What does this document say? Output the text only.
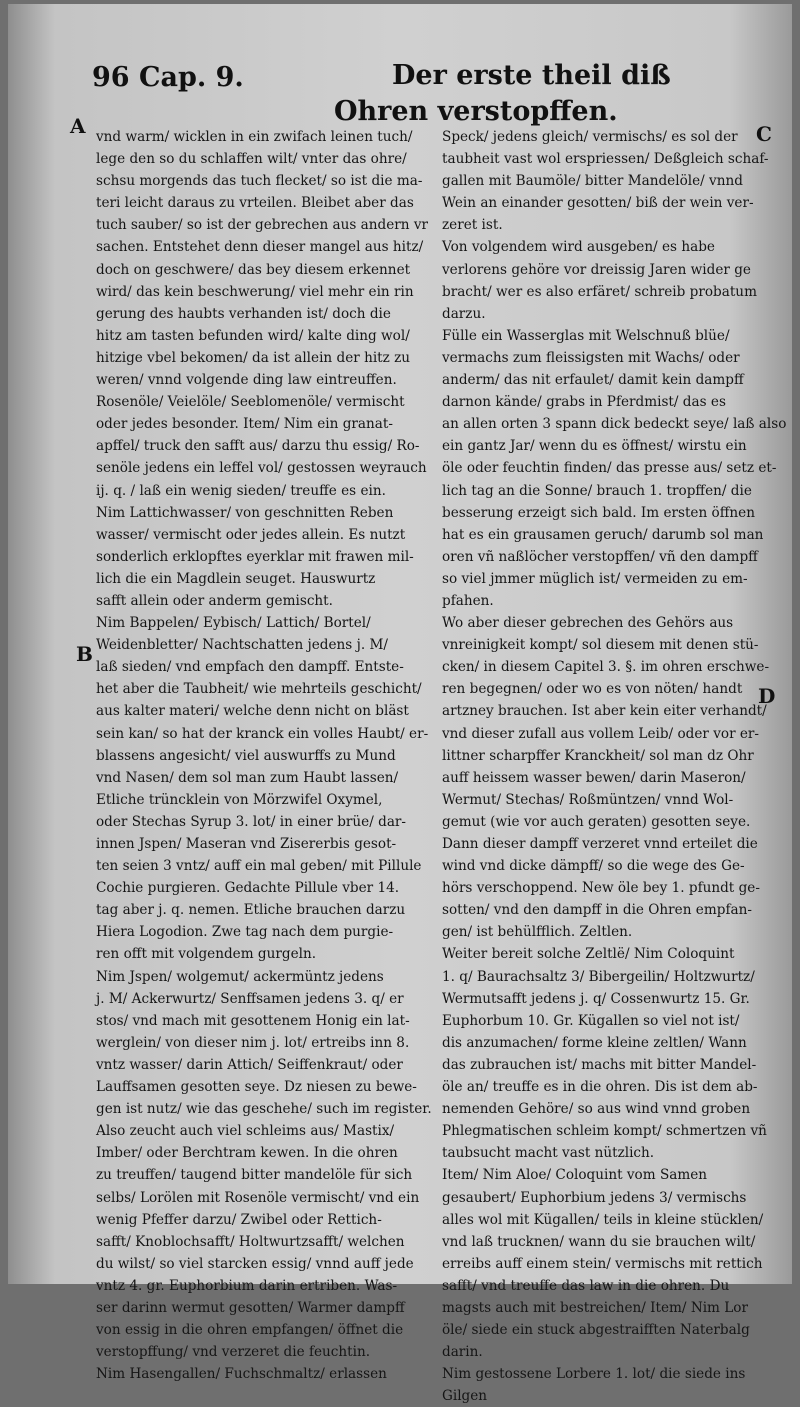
96 Cap. 9.	Der erste theil diß
Ohren verstopffen.
A
B
C
D
vnd warm/ wicklen in ein zwifach leinen tuch/
lege den so du schlaffen wilt/ vnter das ohre/
schsu morgends das tuch flecket/ so ist die ma-
teri leicht daraus zu vrteilen. Bleibet aber das
tuch sauber/ so ist der gebrechen aus andern vr
sachen. Entstehet denn dieser mangel aus hitz/
doch on geschwere/ das bey diesem erkennet
wird/ das kein beschwerung/ viel mehr ein rin
gerung des haubts verhanden ist/ doch die
hitz am tasten befunden wird/ kalte ding wol/
hitzige vbel bekomen/ da ist allein der hitz zu
weren/ vnnd volgende ding law eintreuffen.
Rosenöle/ Veielöle/ Seeblomenöle/ vermischt
oder jedes besonder. Item/ Nim ein granat-
apffel/ truck den safft aus/ darzu thu essig/ Ro-
senöle jedens ein leffel vol/ gestossen weyrauch
ij. q. / laß ein wenig sieden/ treuffe es ein.
Nim Lattichwasser/ von geschnitten Reben
wasser/ vermischt oder jedes allein. Es nutzt
sonderlich erklopftes eyerklar mit frawen mil-
lich die ein Magdlein seuget. Hauswurtz
safft allein oder anderm gemischt.
Nim Bappelen/ Eybisch/ Lattich/ Bortel/
Weidenbletter/ Nachtschatten jedens j. M/
laß sieden/ vnd empfach den dampff. Entste-
het aber die Taubheit/ wie mehrteils geschicht/
aus kalter materi/ welche denn nicht on bläst
sein kan/ so hat der kranck ein volles Haubt/ er-
blassens angesicht/ viel auswurffs zu Mund
vnd Nasen/ dem sol man zum Haubt lassen/
Etliche trüncklein von Mörzwifel Oxymel,
oder Stechas Syrup 3. lot/ in einer brüe/ dar-
innen Jspen/ Maseran vnd Zisererbis gesot-
ten seien 3 vntz/ auff ein mal geben/ mit Pillule
Cochie purgieren. Gedachte Pillule vber 14.
tag aber j. q. nemen. Etliche brauchen darzu
Hiera Logodion. Zwe tag nach dem purgie-
ren offt mit volgendem gurgeln.
Nim Jspen/ wolgemut/ ackermüntz jedens
j. M/ Ackerwurtz/ Senffsamen jedens 3. q/ er
stos/ vnd mach mit gesottenem Honig ein lat-
werglein/ von dieser nim j. lot/ ertreibs inn 8.
vntz wasser/ darin Attich/ Seiffenkraut/ oder
Lauffsamen gesotten seye. Dz niesen zu bewe-
gen ist nutz/ wie das geschehe/ such im register.
Also zeucht auch viel schleims aus/ Mastix/
Imber/ oder Berchtram kewen. In die ohren
zu treuffen/ taugend bitter mandelöle für sich
selbs/ Lorölen mit Rosenöle vermischt/ vnd ein
wenig Pfeffer darzu/ Zwibel oder Rettich-
safft/ Knoblochsafft/ Holtwurtzsafft/ welchen
du wilst/ so viel starcken essig/ vnnd auff jede
vntz 4. gr. Euphorbium darin ertriben. Was-
ser darinn wermut gesotten/ Warmer dampff
von essig in die ohren empfangen/ öffnet die
verstopffung/ vnd verzeret die feuchtin.
Nim Hasengallen/ Fuchschmaltz/ erlassen
Speck/ jedens gleich/ vermischs/ es sol der
taubheit vast wol erspriessen/ Deßgleich schaf-
gallen mit Baumöle/ bitter Mandelöle/ vnnd
Wein an einander gesotten/ biß der wein ver-
zeret ist.
Von volgendem wird ausgeben/ es habe
verlorens gehöre vor dreissig Jaren wider ge
bracht/ wer es also erfäret/ schreib probatum
darzu.
Fülle ein Wasserglas mit Welschnuß blüe/
vermachs zum fleissigsten mit Wachs/ oder
anderm/ das nit erfaulet/ damit kein dampff
darnon kände/ grabs in Pferdmist/ das es
an allen orten 3 spann dick bedeckt seye/ laß also
ein gantz Jar/ wenn du es öffnest/ wirstu ein
öle oder feuchtin finden/ das presse aus/ setz et-
lich tag an die Sonne/ brauch 1. tropffen/ die
besserung erzeigt sich bald. Im ersten öffnen
hat es ein grausamen geruch/ darumb sol man
oren vñ naßlöcher verstopffen/ vñ den dampff
so viel jmmer müglich ist/ vermeiden zu em-
pfahen.
Wo aber dieser gebrechen des Gehörs aus
vnreinigkeit kompt/ sol diesem mit denen stü-
cken/ in diesem Capitel 3. §. im ohren erschwe-
ren begegnen/ oder wo es von nöten/ handt
artzney brauchen. Ist aber kein eiter verhandt/
vnd dieser zufall aus vollem Leib/ oder vor er-
littner scharpffer Kranckheit/ sol man dz Ohr
auff heissem wasser bewen/ darin Maseron/
Wermut/ Stechas/ Roßmüntzen/ vnnd Wol-
gemut (wie vor auch geraten) gesotten seye.
Dann dieser dampff verzeret vnnd erteilet die
wind vnd dicke dämpff/ so die wege des Ge-
hörs verschoppend. New öle bey 1. pfundt ge-
sotten/ vnd den dampff in die Ohren empfan-
gen/ ist behülfflich. Zeltlen.
Weiter bereit solche Zeltlë/ Nim Coloquint
1. q/ Baurachsaltz 3/ Bibergeilin/ Holtzwurtz/
Wermutsafft jedens j. q/ Cossenwurtz 15. Gr.
Euphorbum 10. Gr. Kügallen so viel not ist/
dis anzumachen/ forme kleine zeltlen/ Wann
das zubrauchen ist/ machs mit bitter Mandel-
öle an/ treuffe es in die ohren. Dis ist dem ab-
nemenden Gehöre/ so aus wind vnnd groben
Phlegmatischen schleim kompt/ schmertzen vñ
taubsucht macht vast nützlich.
Item/ Nim Aloe/ Coloquint vom Samen
gesaubert/ Euphorbium jedens 3/ vermischs
alles wol mit Kügallen/ teils in kleine stücklen/
vnd laß trucknen/ wann du sie brauchen wilt/
erreibs auff einem stein/ vermischs mit rettich
safft/ vnd treuffe das law in die ohren. Du
magsts auch mit bestreichen/ Item/ Nim Lor
öle/ siede ein stuck abgestraifften Naterbalg
darin.
Nim gestossene Lorbere 1. lot/ die siede ins
Gilgen
